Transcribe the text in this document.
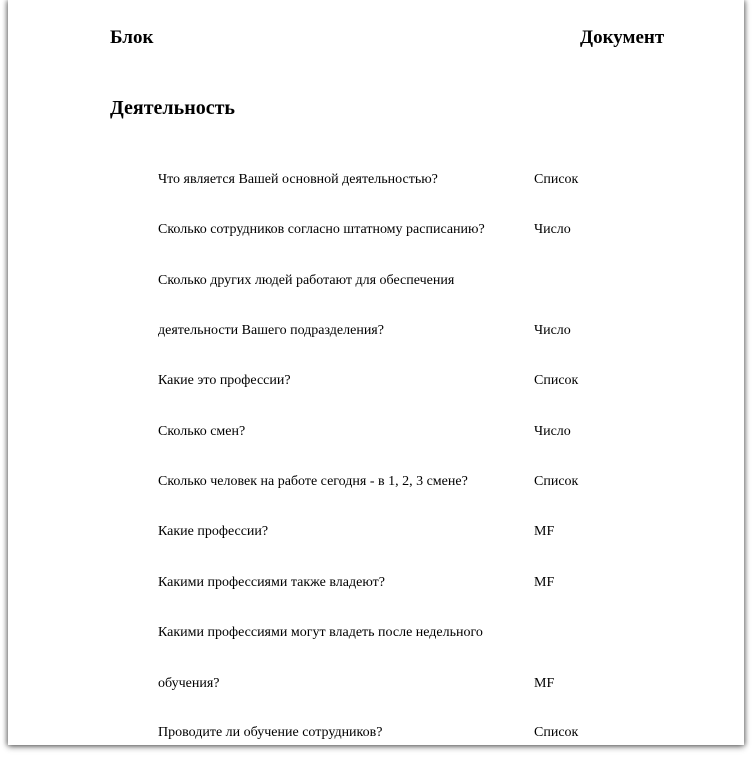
Блок	Документ
Деятельность
Что является Вашей основной деятельностью?	Список
Сколько сотрудников согласно штатному расписанию?	Число
Сколько других людей работают для обеспечения
деятельности Вашего подразделения?	Число
Какие это профессии?	Список
Сколько смен?	Число
Сколько человек на работе сегодня - в 1, 2, 3 смене?	Список
Какие профессии?	MF
Какими профессиями также владеют?	MF
Какими профессиями могут владеть после недельного
обучения?	MF
Проводите ли обучение сотрудников?	Список
